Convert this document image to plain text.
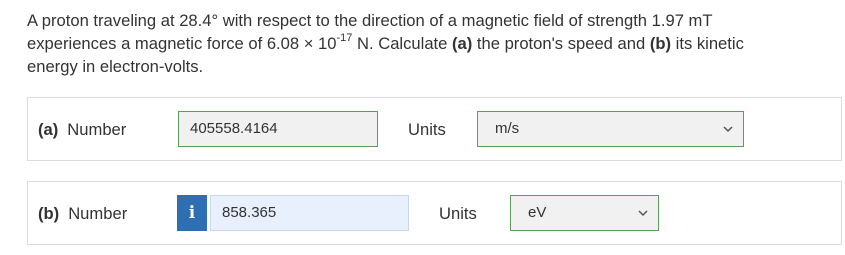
A proton traveling at 28.4° with respect to the direction of a magnetic field of strength 1.97 mT
experiences a magnetic force of $6.08 \times 10^{-17}$ N. Calculate (a) the proton's speed and (b) its kinetic
energy in electron-volts.
(a) Number	405558.4164	Units	m/s
(b) Number	i	858.365	Units	eV
